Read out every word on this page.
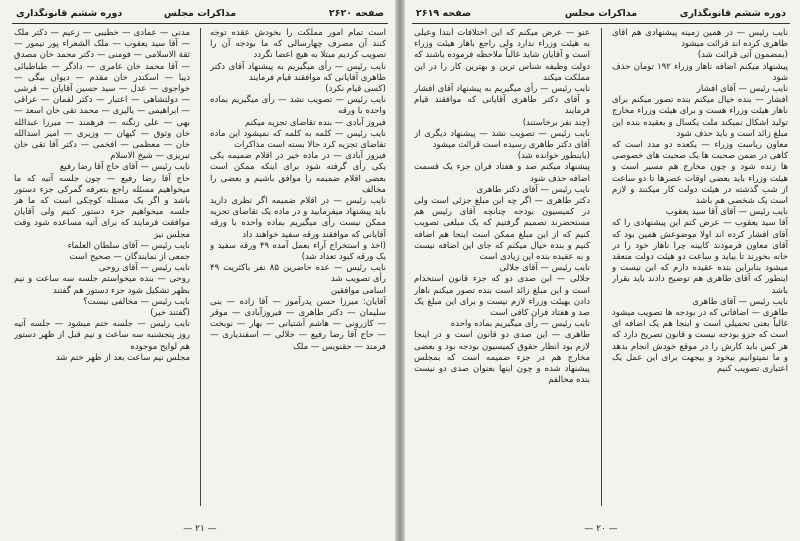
صفحه ۲۶۲۰
مذاکرات مجلس
دوره ششم قانونگذاری

است تمام امور مملکت را بخودش عقده توجه کنند آن مصرف چهارسالی که ما بودجه آن را تصویب کردیم مبتلا به هیچ اعضا نگردد

نایب رئیس — رأی میگیریم به پیشنهاد آقای دکتر طاهری آقایانی که موافقند قیام فرمایند

(کسی قیام نکرد)

نایب رئیس — تصویب نشد — رأی میگیریم بماده واحده با ورقه

فیروز آبادی — بنده تقاضای تجزیه میکنم

نایب رئیس — کلمه به کلمه که نمیشود این ماده تقاضای تجزیه کرد حالا بسته است مذاکرات

فیروز آبادی — در ماده خیر در اقلام ضمیمه یکی یکی رأی گرفته شود برای اینکه ممکن است بعضی اقلام ضمیمه را موافق باشیم و بعضی را مخالف

نایب رئیس — در اقلام ضمیمه اگر نظری دارید باید پیشنهاد میفرمایید و در ماده یک تقاضای تجزیه ممکن نیست رأی میگیریم بماده واحده با ورقه آقایانی که موافقند ورقه سفید خواهند داد

(اخذ و استخراج آراء بعمل آمده ۴۹ ورقه سفید و یک ورقه کبود تعداد شد)

نایب رئیس — عده حاضرین ۸۵ نفر باکثریت ۴۹ رأی تصویب شد

اسامی موافقین

آقایان: میرزا حسن پدرآموز — آقا زاده — بنی سلیمان — دکتر طاهری — فیروزآبادی — موقر — کازرونی — هاشم آشتیانی — بهار — نوبخت — حاج آقا رضا رفیع — جلالی — اسفندیاری — فرمند — حقنویس — ملک

مدنی — عمادی — خطیبی — زعیم — دکتر ملک — آقا سید یعقوب — ملک الشعراء پور تیمور — ثقة الاسلامی — فومنی — دکتر محمد خان مصدق — آقا محمد خان عامری — دادگر — طباطبائی دیبا — اسکندر خان مقدم — دیوان بیگی — خواجوی — عدل — سید حسین آقایان — قرشی — دولتشاهی — اعتبار — دکتر لقمان — عراقی — ابراهیمی — یالیزی — محمد تقی خان اسعد — بهی — علی زنگنه — فرهمند — میرزا عبدالله خان وثوق — کیهان — وزیری — امیر اسدالله خان — معظمی — افخمی — دکتر آقا تقی خان تبریزی — شیخ الاسلام

نایب رئیس — آقای حاج آقا رضا رفیع

حاج آقا رضا رفیع — چون جلسه آتیه که ما میخواهیم مسئله راجع بتعرفه گمرکی جزء دستور باشد و اگر یک مسئله کوچکی است که ما هر جلسه میخواهیم جزء دستور کنیم ولی آقایان موافقت فرمایند که برای آتیه مساعده شود وقت مجلس نیز

نایب رئیس — آقای سلطان العلماء

جمعی از نمایندگان — صحیح است

نایب رئیس — آقای روحی

روحی — بنده میخواستم جلسه سه ساعت و نیم بظهر تشکیل شود جزء دستور هم گفتند

نایب رئیس — مخالفی نیست؟

(گفتند خیر)

نایب رئیس — جلسه ختم میشود — جلسه آتیه روز پنجشنبه سه ساعت و نیم قبل از ظهر دستور هم لوایح موجوده

مجلس نیم ساعت بعد از ظهر ختم شد

— ۲۱ —
صفحه ۲۶۱۹	مذاکرات مجلس	دوره ششم قانونگذاری

نایب رئیس — در همین زمینه پیشنهادی هم آقای طاهری کرده اند قرائت میشود

(بمضمون آتی قرائت شد)

پیشنهاد میکنم اضافه ناهار وزراء ۱۹۲ تومان حذف شود

نایب رئیس — آقای افشار

افشار — بنده خیال میکنم بنده تصور میکنم برای ناهار هیئت وزراء هست و برای هیئت وزراء مخارج تولید اشکال نمیکند ملت یکسال و بعقیده بنده این مبلغ زائد است و باید حذف شود

معاون ریاست وزراء — یکعده دو مدد است که کاهی در ضمن صحبت ها یک صحبت های خصوصی ها زنده شود و چون مخارج هم مسیر است و هیئت وزراء باید بعضی اوقات عصرها تا دو ساعت از شب گذشته در هیئت دولت کار میکنند و لازم است یک شخصی هم باشد

نایب رئیس — آقای آقا سید یعقوب

آقا سید یعقوب — عرض کنم این پیشنهادی را که آقای افشار کرده اند اولا موضوعش همین بود که آقای معاون فرمودند کابینه چرا ناهار خود را در خانه بخورند تا بیاید و ساعت دو هیئت دولت منعقد میشود بنابراین بنده عقیده دارم که این نیست و اینطور که آقای طاهری هم توضیح دادند باید بقرار باشد

نایب رئیس — آقای طاهری

طاهری — اضافاتی که در بودجه ها تصویب میشود غالباً بعنی تحمیلی است و اینجا هم یک اضافه ای است که جزو بودجه نیست و قانون تصریح دارد که هر کس باید کارش را در موقع خودش انجام بدهد و ما نمیتوانیم بیخود و بیجهت برای این عمل یک اعتباری تصویب کنیم

عنو — عرض میکنم که این اختلافات ابتداً وعیلی به هیئت وزراء ندارد ولی راجع باهار هیئت وزراء است و آقایان شاید غالباً ملاحظه فرموده باشند که دولت وظیفه شناس ترین و بهترین کار را در این مملکت میکند

نایب رئیس — رأی میگیریم به پیشنهاد آقای افشار و آقای دکتر طاهری آقایانی که موافقند قیام فرمایند

(چند نفر برخاستند)

نایب رئیس — تصویب نشد — پیشنهاد دیگری از آقای دکتر طاهری رسیده است قرائت میشود

(باینطور خوانده شد)

پیشنهاد میکنم صد و هفتاد فران جزء یک قسمت اضافه حذف شود

نایب رئیس — آقای دکتر طاهری

دکتر طاهری — اگر چه این مبلغ جزئی است ولی در کمیسیون بودجه چنانچه آقای رئیس هم مستحضرند تصمیم گرفتیم که یک مبلغی تصویب کنیم که از این مبلغ ممکن است اینجا هم اضافه کنیم و بنده خیال میکنم که جای این اضافه نیست و به عقیده بنده این زیادی است

نایب رئیس — آقای جلالی

جلالی — این صدی دو که جزء قانون استخدام است و این مبلغ زائد است بنده تصور میکنم ناهار دادن بهیئت وزراء لازم نیست و برای این مبلغ یک صد و هفتاد فران کافی است

نایب رئیس — رأی میگیریم بماده واحده

طاهری — این صدی دو قانون است و در اینجا لازم بود انظار حقوق کمیسیون بودجه بود و بعضی مخارج هم در جزء ضمیمه است که بمجلس پیشنهاد شده و چون اینها بعنوان صدی دو نیست بنده مخالفم

— ۲۰ —
